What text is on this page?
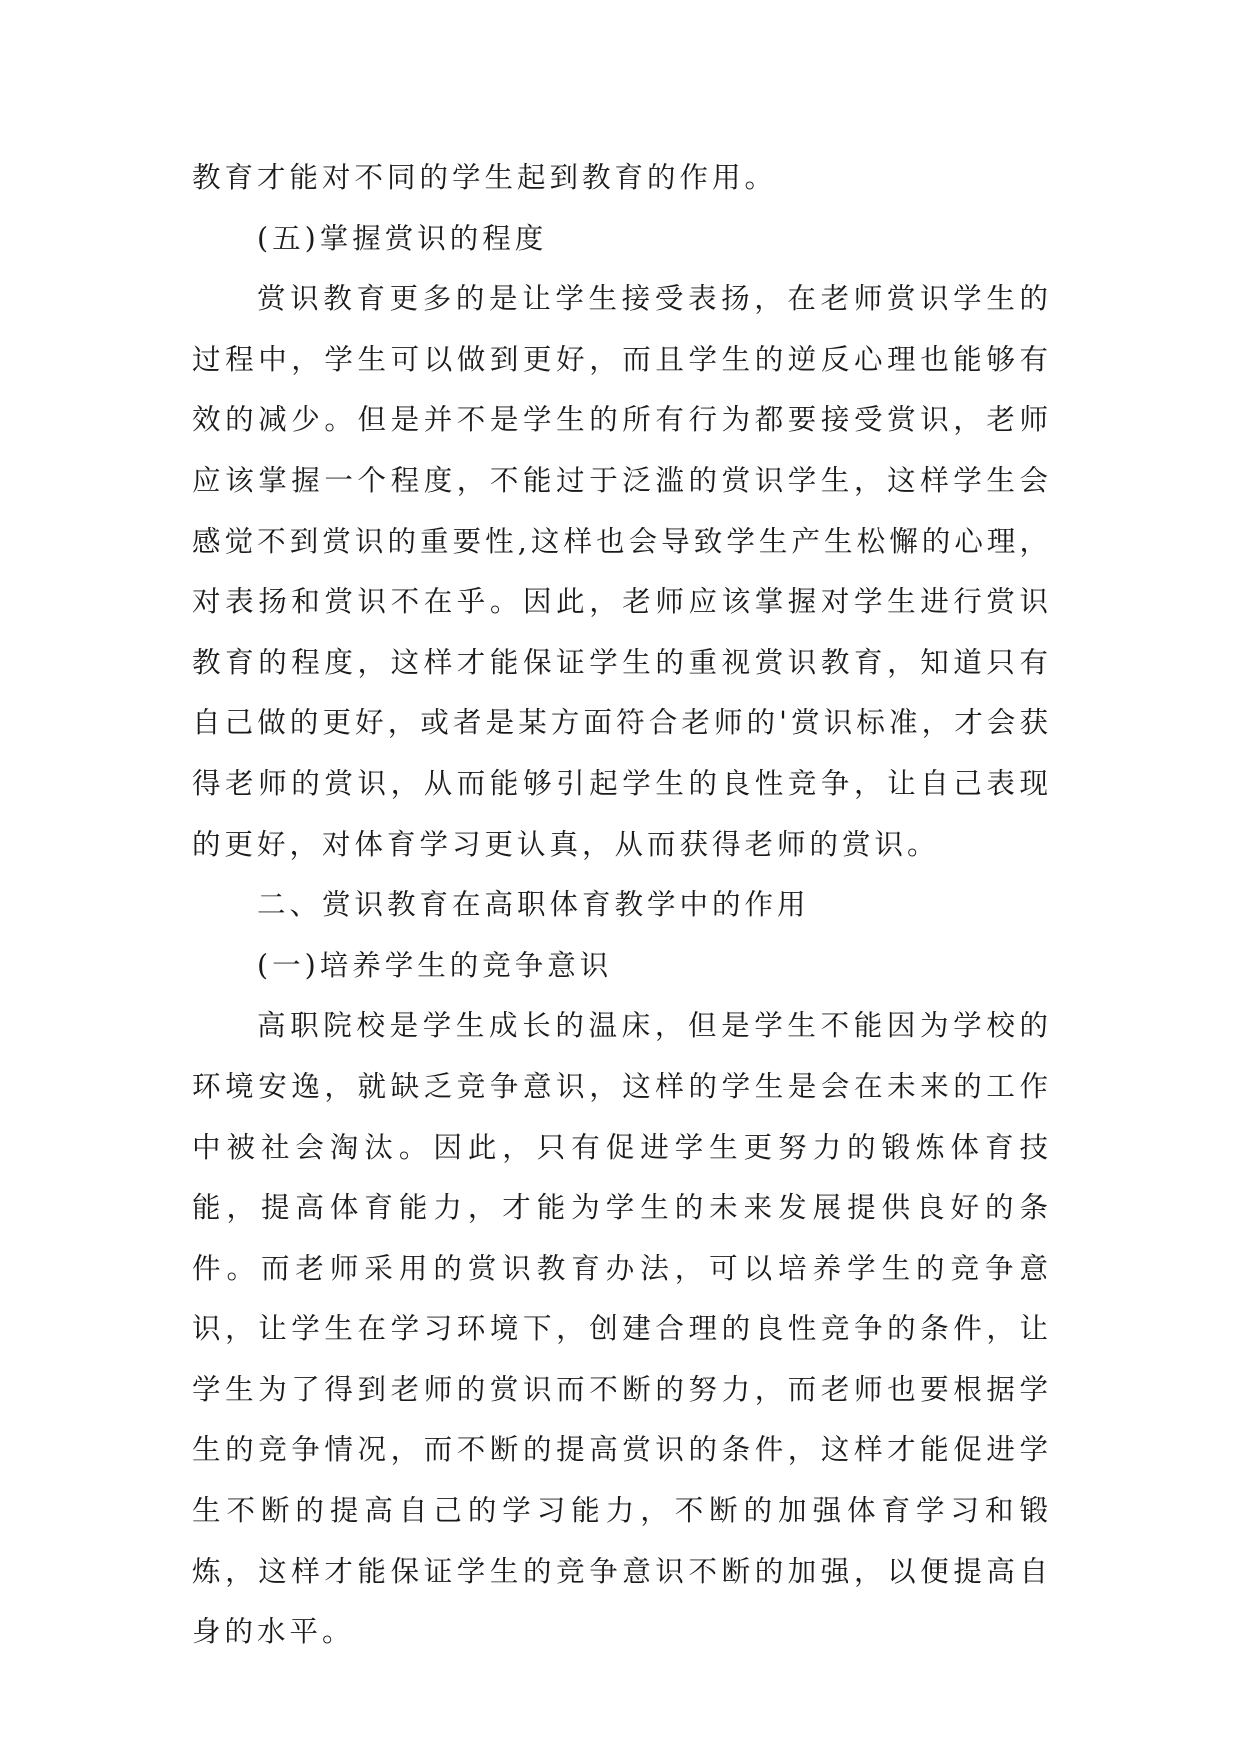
教育才能对不同的学生起到教育的作用。

(五)掌握赏识的程度

赏识教育更多的是让学生接受表扬，在老师赏识学生的过程中，学生可以做到更好，而且学生的逆反心理也能够有效的减少。但是并不是学生的所有行为都要接受赏识，老师应该掌握一个程度，不能过于泛滥的赏识学生，这样学生会感觉不到赏识的重要性,这样也会导致学生产生松懈的心理，对表扬和赏识不在乎。因此，老师应该掌握对学生进行赏识教育的程度，这样才能保证学生的重视赏识教育，知道只有自己做的更好，或者是某方面符合老师的'赏识标准，才会获得老师的赏识，从而能够引起学生的良性竞争，让自己表现的更好，对体育学习更认真，从而获得老师的赏识。

二、赏识教育在高职体育教学中的作用

(一)培养学生的竞争意识

高职院校是学生成长的温床，但是学生不能因为学校的环境安逸，就缺乏竞争意识，这样的学生是会在未来的工作中被社会淘汰。因此，只有促进学生更努力的锻炼体育技能，提高体育能力，才能为学生的未来发展提供良好的条件。而老师采用的赏识教育办法，可以培养学生的竞争意识，让学生在学习环境下，创建合理的良性竞争的条件，让学生为了得到老师的赏识而不断的努力，而老师也要根据学生的竞争情况，而不断的提高赏识的条件，这样才能促进学生不断的提高自己的学习能力，不断的加强体育学习和锻炼，这样才能保证学生的竞争意识不断的加强，以便提高自身的水平。
